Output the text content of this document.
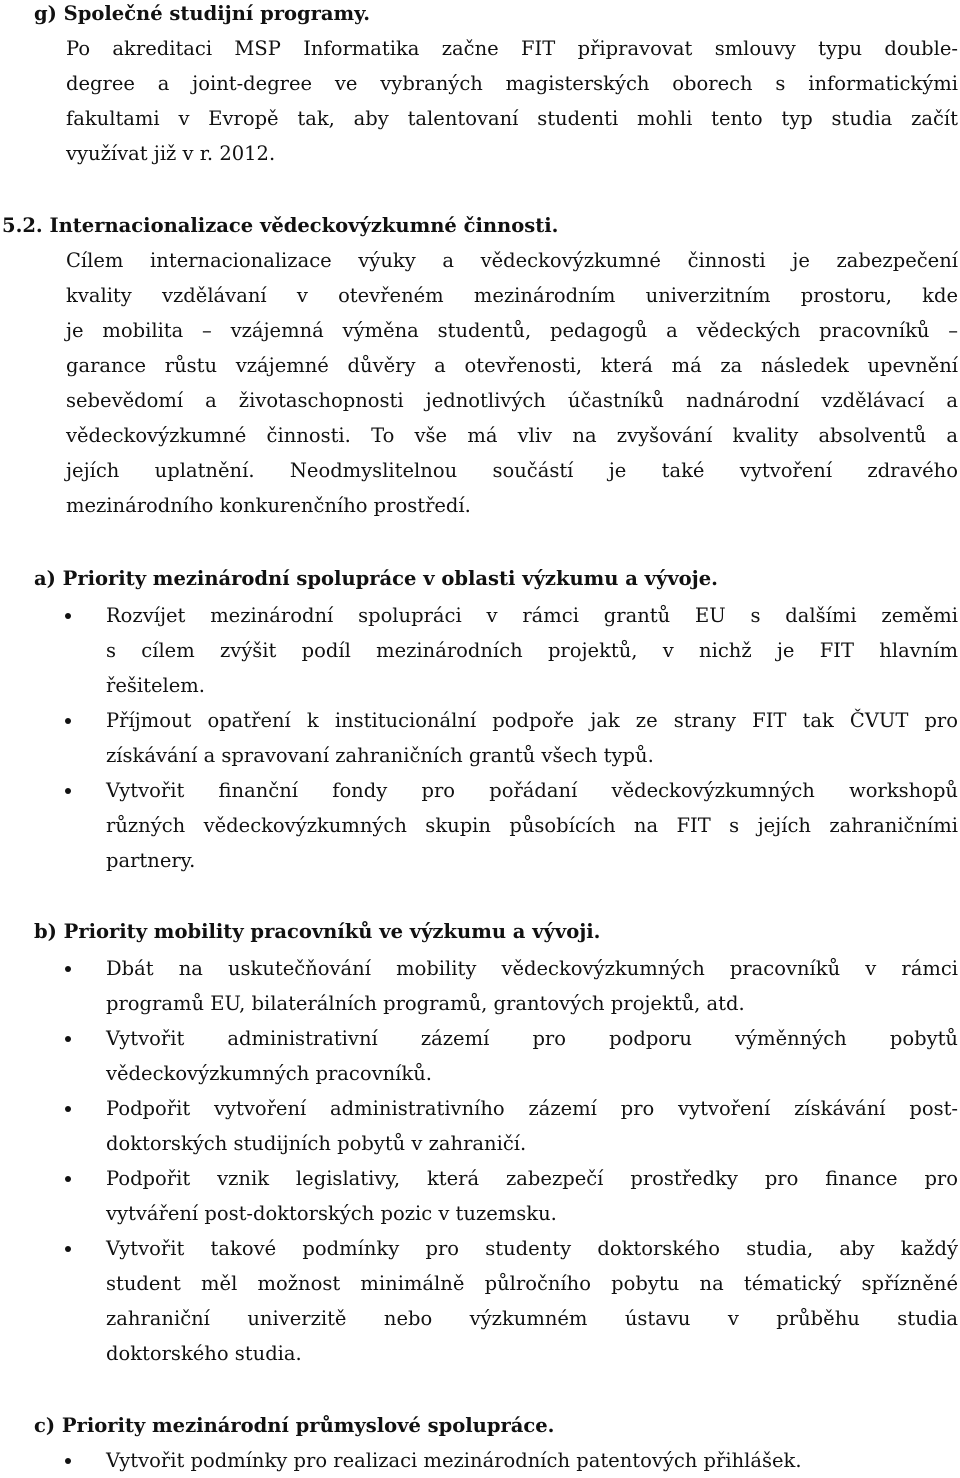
g) Společné studijní programy.
Po akreditaci MSP Informatika začne FIT připravovat smlouvy typu double-
degree a joint-degree ve vybraných magisterských oborech s informatickými
fakultami v Evropě tak, aby talentovaní studenti mohli tento typ studia začít
využívat již v r. 2012.
5.2. Internacionalizace vědeckovýzkumné činnosti.
Cílem internacionalizace výuky a vědeckovýzkumné činnosti je zabezpečení
kvality vzdělávaní v otevřeném mezinárodním univerzitním prostoru, kde
je mobilita – vzájemná výměna studentů, pedagogů a vědeckých pracovníků –
garance růstu vzájemné důvěry a otevřenosti, která má za následek upevnění
sebevědomí a životaschopnosti jednotlivých účastníků nadnárodní vzdělávací a
vědeckovýzkumné činnosti. To vše má vliv na zvyšování kvality absolventů a
jejích uplatnění. Neodmyslitelnou součástí je také vytvoření zdravého
mezinárodního konkurenčního prostředí.
a) Priority mezinárodní spolupráce v oblasti výzkumu a vývoje.
Rozvíjet mezinárodní spolupráci v rámci grantů EU s dalšími zeměmi
s cílem zvýšit podíl mezinárodních projektů, v nichž je FIT hlavním
řešitelem.
Příjmout opatření k institucionální podpoře jak ze strany FIT tak ČVUT pro
získávání a spravovaní zahraničních grantů všech typů.
Vytvořit finanční fondy pro pořádaní vědeckovýzkumných workshopů
různých vědeckovýzkumných skupin působících na FIT s jejích zahraničními
partnery.
b) Priority mobility pracovníků ve výzkumu a vývoji.
Dbát na uskutečňování mobility vědeckovýzkumných pracovníků v rámci
programů EU, bilaterálních programů, grantových projektů, atd.
Vytvořit administrativní zázemí pro podporu výměnných pobytů
vědeckovýzkumných pracovníků.
Podpořit vytvoření administrativního zázemí pro vytvoření získávání post-
doktorských studijních pobytů v zahraničí.
Podpořit vznik legislativy, která zabezpečí prostředky pro finance pro
vytváření post-doktorských pozic v tuzemsku.
Vytvořit takové podmínky pro studenty doktorského studia, aby každý
student měl možnost minimálně půlročního pobytu na tématický spřízněné
zahraniční univerzitě nebo výzkumném ústavu v průběhu studia
doktorského studia.
c) Priority mezinárodní průmyslové spolupráce.
Vytvořit podmínky pro realizaci mezinárodních patentových přihlášek.
